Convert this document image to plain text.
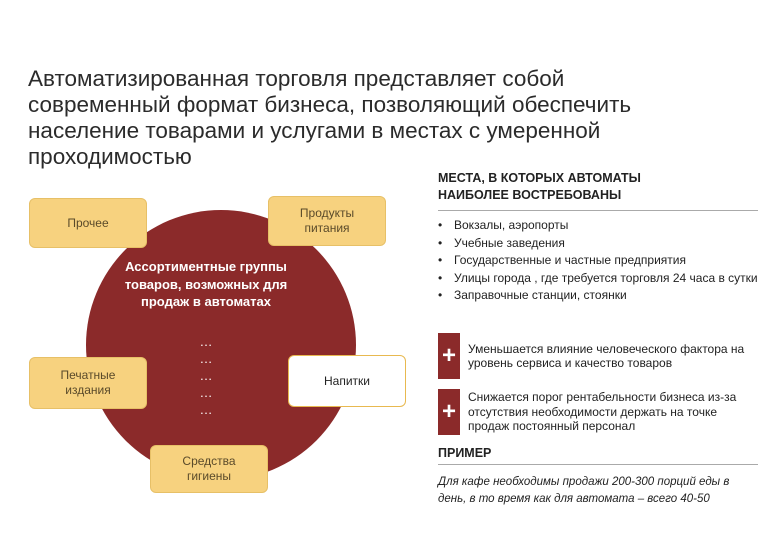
Автоматизированная торговля представляет собой современный формат бизнеса, позволяющий обеспечить население товарами и услугами в местах с умеренной проходимостью

Ассортиментные группы товаров, возможных для продаж в автоматах
…
…
…
…
…
Прочее
Продукты
питания
Печатные
издания
Напитки
Средства
гигиены
МЕСТА, В КОТОРЫХ АВТОМАТЫ
НАИБОЛЕЕ ВОСТРЕБОВАНЫ
• Вокзалы, аэропорты
• Учебные заведения
• Государственные и частные предприятия
• Улицы города , где требуется торговля 24 часа в сутки
• Заправочные станции, стоянки
+	Уменьшается влияние человеческого фактора на уровень сервиса и качество товаров
+
Снижается порог рентабельности бизнеса из-за отсутствия необходимости держать на точке продаж постоянный персонал
ПРИМЕР
Для кафе необходимы продажи 200-300 порций еды в день, в то время как для автомата – всего 40-50
